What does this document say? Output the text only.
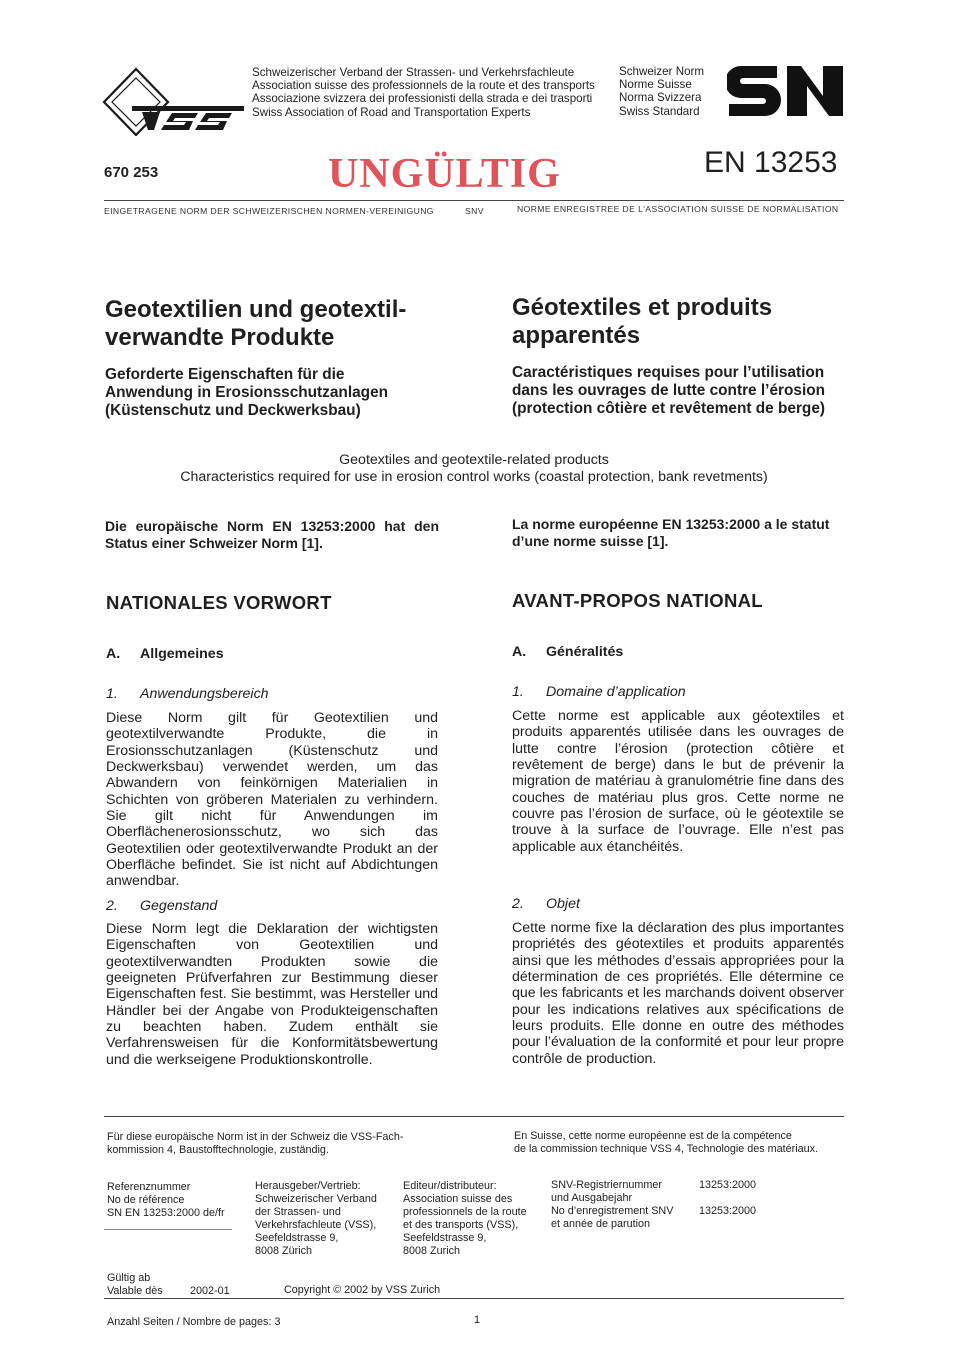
Schweizerischer Verband der Strassen- und Verkehrsfachleute
Association suisse des professionnels de la route et des transports
Associazione svizzera dei professionisti della strada e dei trasporti
Swiss Association of Road and Transportation Experts
Schweizer Norm
Norme Suisse
Norma Svizzera
Swiss Standard
670 253	UNGÜLTIG	EN 13253
EINGETRAGENE NORM DER SCHWEIZERISCHEN NORMEN-VEREINIGUNG	SNV	NORME ENREGISTREE DE L'ASSOCIATION SUISSE DE NORMALISATION
Geotextilien und geotextil-
verwandte Produkte
Geforderte Eigenschaften für die
Anwendung in Erosionsschutzanlagen
(Küstenschutz und Deckwerksbau)
Géotextiles et produits
apparentés
Caractéristiques requises pour l’utilisation
dans les ouvrages de lutte contre l’érosion
(protection côtière et revêtement de berge)
Geotextiles and geotextile-related products
Characteristics required for use in erosion control works (coastal protection, bank revetments)
Die europäische Norm EN 13253:2000 hat den Status einer Schweizer Norm [1].
La norme européenne EN 13253:2000 a le statut d’une norme suisse [1].
NATIONALES VORWORT	AVANT-PROPOS NATIONAL
A. Allgemeines	A. Généralités
1. Anwendungsbereich	1. Domaine d’application
Diese Norm gilt für Geotextilien und geotextilverwandte Produkte, die in Erosionsschutzanlagen (Küstenschutz und Deckwerksbau) verwendet werden, um das Abwandern von feinkörnigen Materialien in Schichten von gröberen Materialen zu verhindern. Sie gilt nicht für Anwendungen im Oberflächenerosionsschutz, wo sich das Geotextilien oder geotextilverwandte Produkt an der Oberfläche befindet. Sie ist nicht auf Abdichtungen anwendbar.
Cette norme est applicable aux géotextiles et produits apparentés utilisée dans les ouvrages de lutte contre l’érosion (protection côtière et revêtement de berge) dans le but de prévenir la migration de matériau à granulométrie fine dans des couches de matériau plus gros. Cette norme ne couvre pas l’érosion de surface, où le géotextile se trouve à la surface de l’ouvrage. Elle n’est pas applicable aux étanchéités.
2. Gegenstand	2. Objet
Diese Norm legt die Deklaration der wichtigsten Eigenschaften von Geotextilien und geotextilverwandten Produkten sowie die geeigneten Prüfverfahren zur Bestimmung dieser Eigenschaften fest. Sie bestimmt, was Hersteller und Händler bei der Angabe von Produkteigenschaften zu beachten haben. Zudem enthält sie Verfahrensweisen für die Konformitätsbewertung und die werkseigene Produktionskontrolle.
Cette norme fixe la déclaration des plus importantes propriétés des géotextiles et produits apparentés ainsi que les méthodes d’essais appropriées pour la détermination de ces propriétés. Elle détermine ce que les fabricants et les marchands doivent observer pour les indications relatives aux spécifications de leurs produits. Elle donne en outre des méthodes pour l’évaluation de la conformité et pour leur propre contrôle de production.
Für diese europäische Norm ist in der Schweiz die VSS-Fach-
kommission 4, Baustofftechnologie, zuständig.
En Suisse, cette norme européenne est de la compétence
de la commission technique VSS 4, Technologie des matériaux.
Referenznummer
No de référence
SN EN 13253:2000 de/fr
Herausgeber/Vertrieb:
Schweizerischer Verband
der Strassen- und
Verkehrsfachleute (VSS),
Seefeldstrasse 9,
8008 Zürich
Editeur/distributeur:
Association suisse des
professionnels de la route
et des transports (VSS),
Seefeldstrasse 9,
8008 Zurich
SNV-Registriernummer
und Ausgabejahr
No d’enregistrement SNV
et année de parution
13253:2000
13253:2000
Gültig ab
Valable dès	2002-01	Copyright © 2002 by VSS Zurich
Anzahl Seiten / Nombre de pages: 3	1
